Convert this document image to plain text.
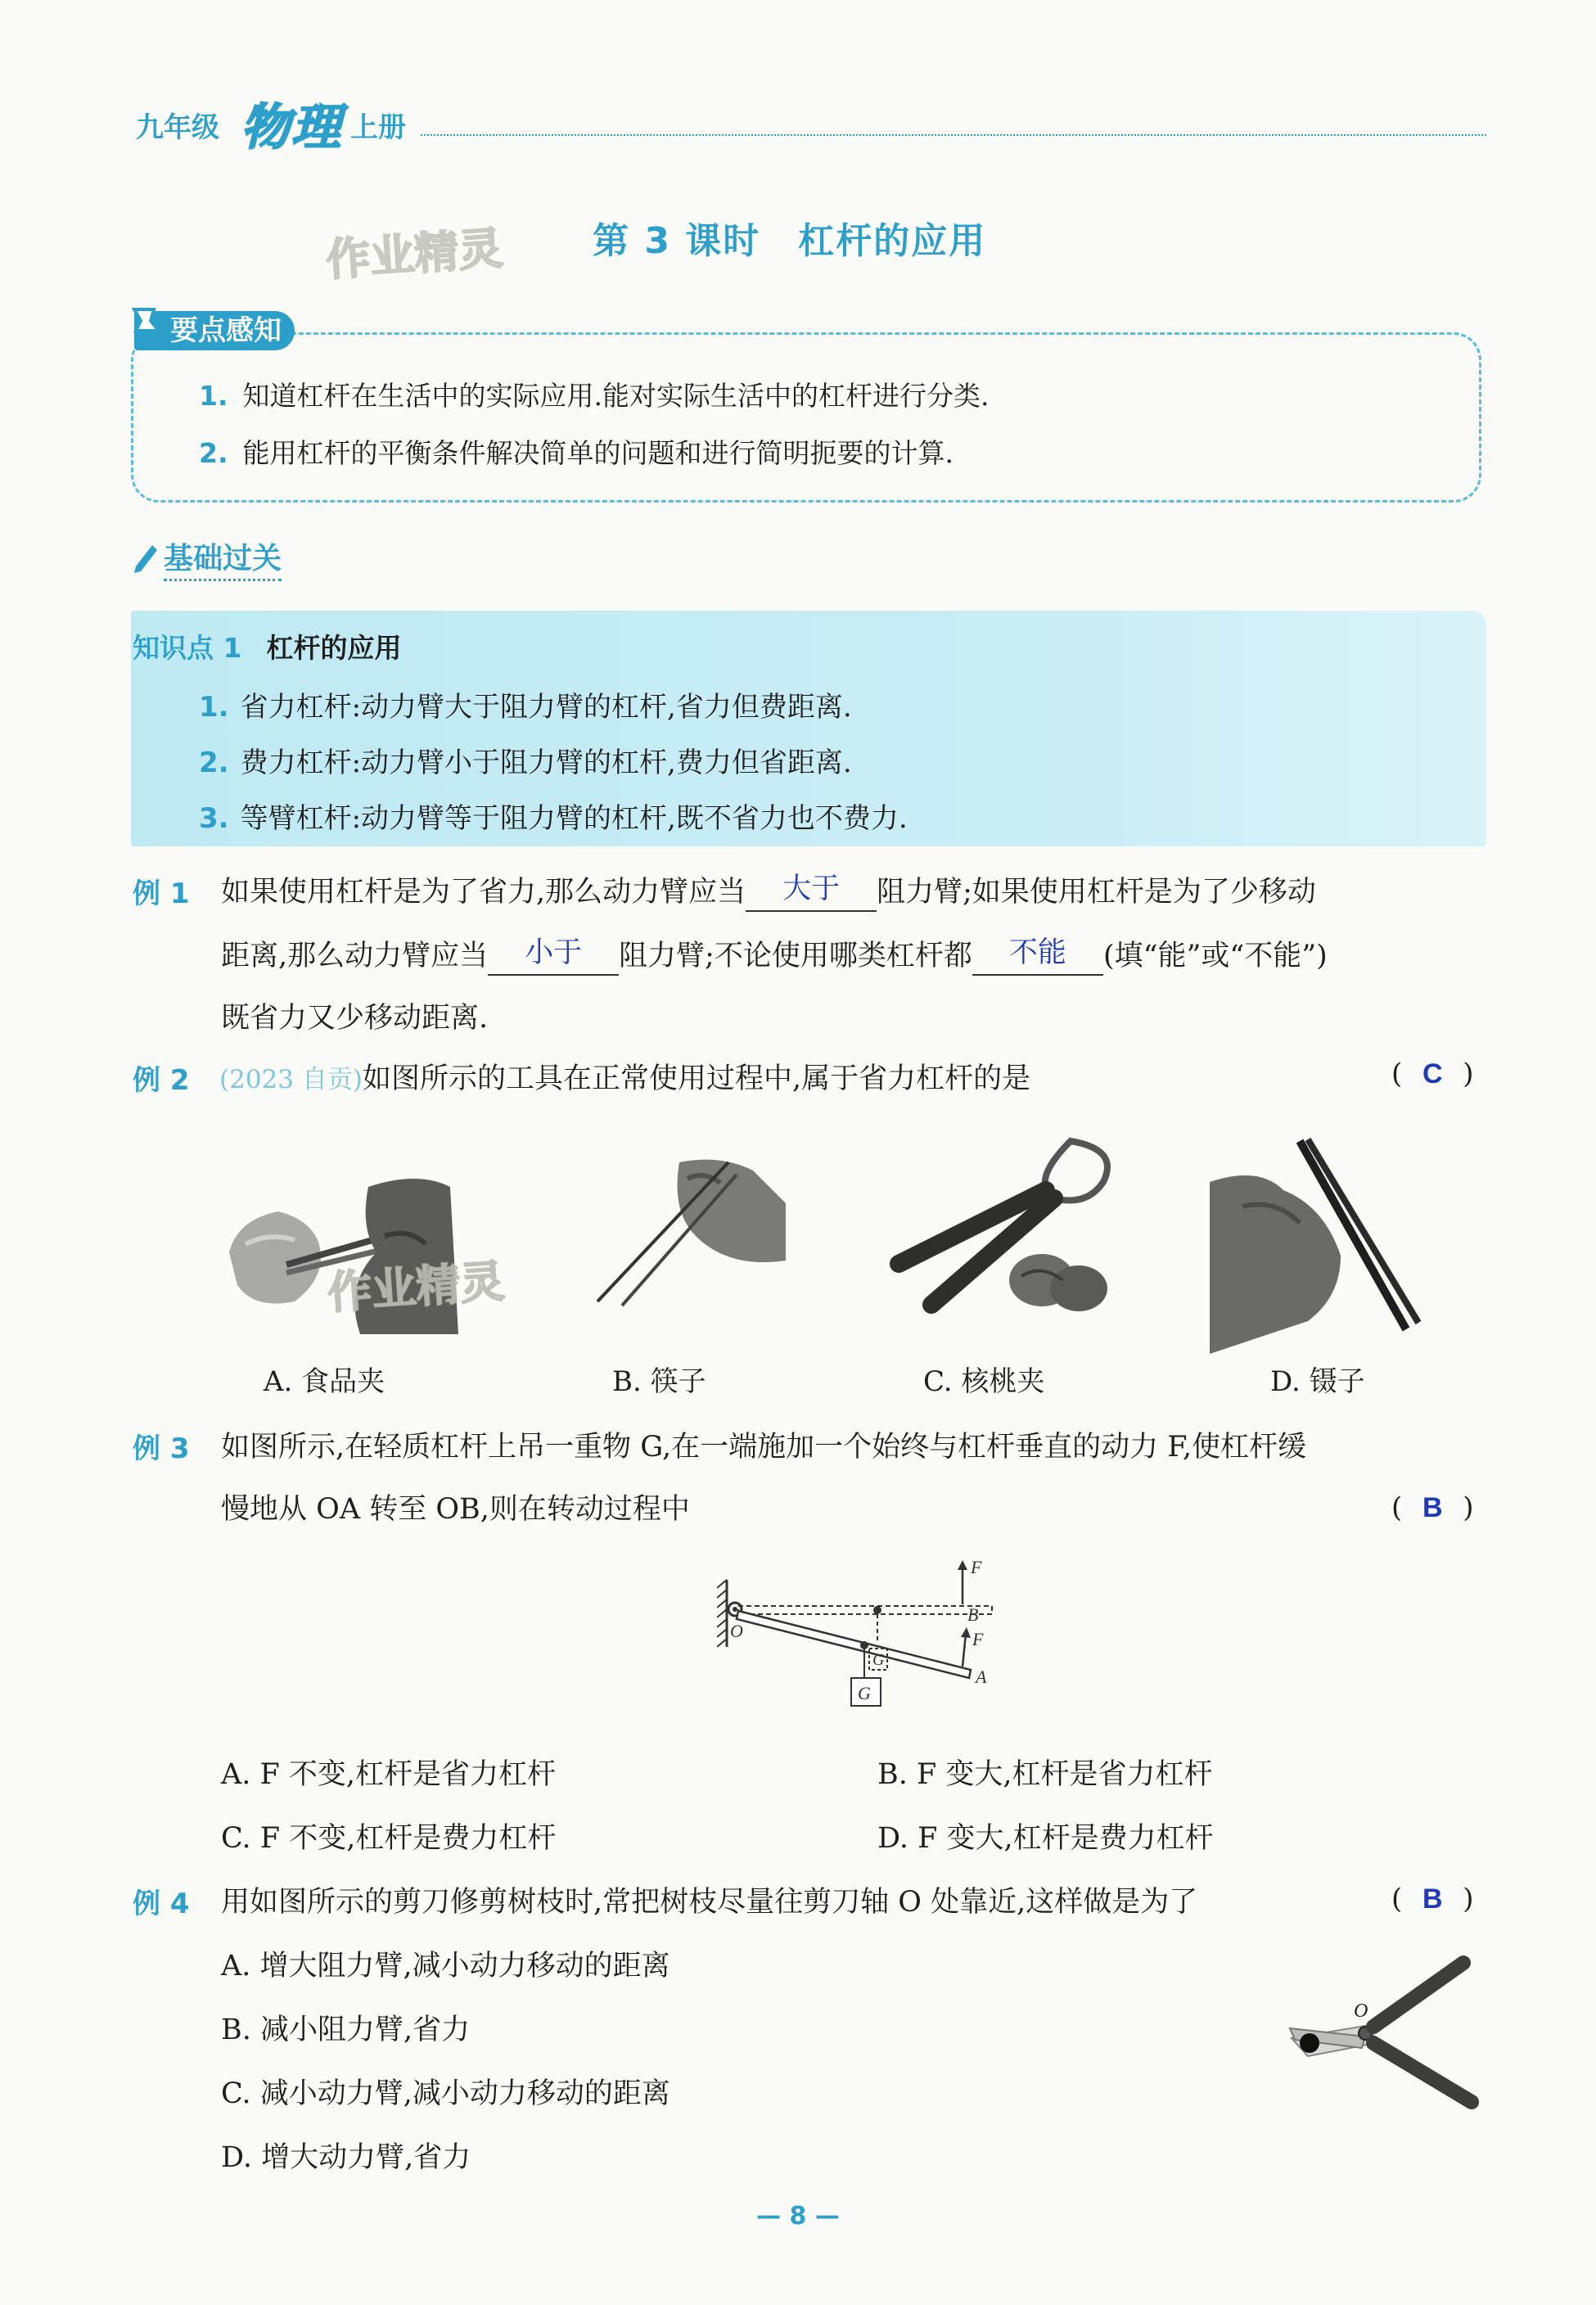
九年级 物理 上册
作业精灵 第 3 课时　杠杆的应用
要点感知
1. 知道杠杆在生活中的实际应用.能对实际生活中的杠杆进行分类.
2. 能用杠杆的平衡条件解决简单的问题和进行简明扼要的计算.
基础过关
知识点 1 杠杆的应用
1. 省力杠杆:动力臂大于阻力臂的杠杆,省力但费距离.
2. 费力杠杆:动力臂小于阻力臂的杠杆,费力但省距离.
3. 等臂杠杆:动力臂等于阻力臂的杠杆,既不省力也不费力.
例 1 如果使用杠杆是为了省力,那么动力臂应当 大于 阻力臂;如果使用杠杆是为了少移动
距离,那么动力臂应当 小于 阻力臂;不论使用哪类杠杆都 不能 (填“能”或“不能”)
既省力又少移动距离.
例 2 (2023 自贡)如图所示的工具在正常使用过程中,属于省力杠杆的是	( C )
作业精灵
A. 食品夹	B. 筷子	C. 核桃夹	D. 镊子
例 3 如图所示,在轻质杠杆上吊一重物 G,在一端施加一个始终与杠杆垂直的动力 F,使杠杆缓
慢地从 OA 转至 OB,则在转动过程中	( B )
G
G
F
B
F
A
O
A. F 不变,杠杆是省力杠杆	B. F 变大,杠杆是省力杠杆
C. F 不变,杠杆是费力杠杆	D. F 变大,杠杆是费力杠杆
例 4 用如图所示的剪刀修剪树枝时,常把树枝尽量往剪刀轴 O 处靠近,这样做是为了	( B )
A. 增大阻力臂,减小动力移动的距离
B. 减小阻力臂,省力
C. 减小动力臂,减小动力移动的距离
D. 增大动力臂,省力
O
— 8 —
